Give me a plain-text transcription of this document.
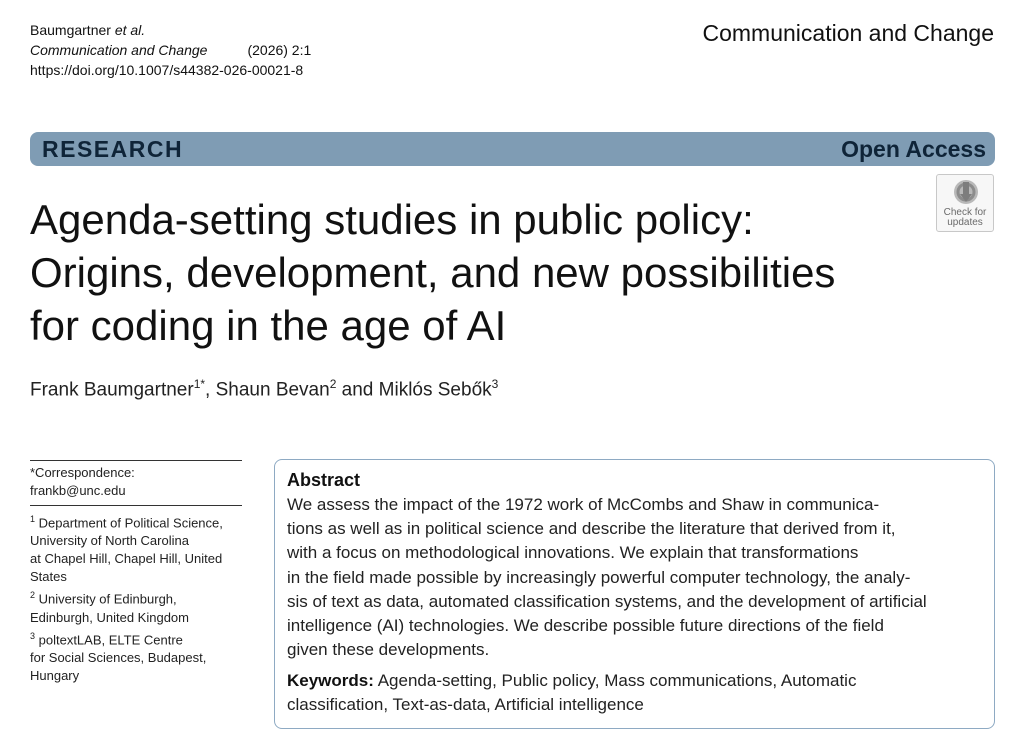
Baumgartner et al.
Communication and Change	(2026) 2:1
https://doi.org/10.1007/s44382-026-00021-8
Communication and Change
RESEARCH	Open Access
Check for
updates
Agenda-setting studies in public policy:
Origins, development, and new possibilities
for coding in the age of AI
Frank Baumgartner$^{1*}$, Shaun Bevan$^2$ and Miklós Sebők$^3$
*Correspondence:
frankb@unc.edu
$^1$ Department of Political Science,
University of North Carolina
at Chapel Hill, Chapel Hill, United
States
$^2$ University of Edinburgh,
Edinburgh, United Kingdom
$^3$ poltextLAB, ELTE Centre
for Social Sciences, Budapest,
Hungary
Abstract
We assess the impact of the 1972 work of McCombs and Shaw in communica-
tions as well as in political science and describe the literature that derived from it,
with a focus on methodological innovations. We explain that transformations
in the field made possible by increasingly powerful computer technology, the analy-
sis of text as data, automated classification systems, and the development of artificial
intelligence (AI) technologies. We describe possible future directions of the field
given these developments.
Keywords: Agenda-setting, Public policy, Mass communications, Automatic
classification, Text-as-data, Artificial intelligence
